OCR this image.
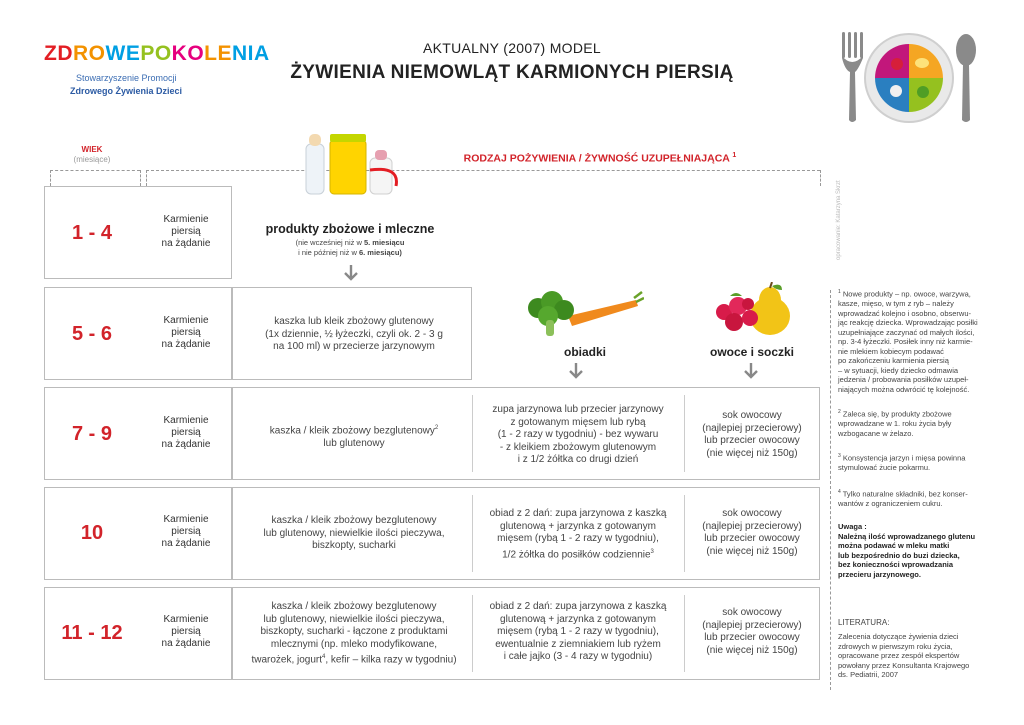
ZDROWEPOKOLENIA
Stowarzyszenie Promocji
Zdrowego Żywienia Dzieci
AKTUALNY (2007) MODEL
ŻYWIENIA NIEMOWLĄT KARMIONYCH PIERSIĄ
WIEK
(miesiące)	RODZAJ POŻYWIENIA / ŻYWNOŚĆ UZUPEŁNIAJĄCA $^1$
1 - 4
Karmienie
piersią
na żądanie
produkty zbożowe i mleczne
(nie wcześniej niż w 5. miesiącu
i nie później niż w 6. miesiącu)
obiadki	owoce i soczki
5 - 6
Karmienie
piersią
na żądanie
kaszka lub kleik zbożowy glutenowy
(1x dziennie, ½ łyżeczki, czyli ok. 2 - 3 g
na 100 ml) w przecierze jarzynowym
7 - 9
Karmienie
piersią
na żądanie
kaszka / kleik zbożowy bezglutenowy$^2$
lub glutenowy
zupa jarzynowa lub przecier jarzynowy
z gotowanym mięsem lub rybą
(1 - 2 razy w tygodniu) - bez wywaru
- z kleikiem zbożowym glutenowym
i z 1/2 żółtka co drugi dzień
sok owocowy
(najlepiej przecierowy)
lub przecier owocowy
(nie więcej niż 150g)
10
Karmienie
piersią
na żądanie
kaszka / kleik zbożowy bezglutenowy
lub glutenowy, niewielkie ilości pieczywa,
biszkopty, sucharki
obiad z 2 dań: zupa jarzynowa z kaszką
glutenową + jarzynka z gotowanym
mięsem (rybą 1 - 2 razy w tygodniu),
1/2 żółtka do posiłków codziennie$^3$
sok owocowy
(najlepiej przecierowy)
lub przecier owocowy
(nie więcej niż 150g)
11 - 12
Karmienie
piersią
na żądanie
kaszka / kleik zbożowy bezglutenowy
lub glutenowy, niewielkie ilości pieczywa,
biszkopty, sucharki - łączone z produktami
mlecznymi (np. mleko modyfikowane,
twarożek, jogurt$^4$, kefir – kilka razy w tygodniu)
obiad z 2 dań: zupa jarzynowa z kaszką
glutenową + jarzynka z gotowanym
mięsem (rybą 1 - 2 razy w tygodniu),
ewentualnie z ziemniakiem lub ryżem
i całe jajko (3 - 4 razy w tygodniu)
sok owocowy
(najlepiej przecierowy)
lub przecier owocowy
(nie więcej niż 150g)
opracowanie: Katarzyna Skrzt
$^1$ Nowe produkty – np. owoce, warzywa,
kasze, mięso, w tym z ryb – należy
wprowadzać kolejno i osobno, obserwu-
jąc reakcję dziecka. Wprowadzając posiłki
uzupełniające zaczynać od małych ilości,
np. 3-4 łyżeczki. Posiłek inny niż karmie-
nie mlekiem kobiecym podawać
po zakończeniu karmienia piersią
– w sytuacji, kiedy dziecko odmawia
jedzenia / probowania posiłków uzupeł-
niających można odwrócić tę kolejność.
$^2$ Zaleca się, by produkty zbożowe
wprowadzane w 1. roku życia były
wzbogacane w żelazo.
$^3$ Konsystencja jarzyn i mięsa powinna
stymulować żucie pokarmu.
$^4$ Tylko naturalne składniki, bez konser-
wantów z ograniczeniem cukru.
Uwaga :
Należną ilość wprowadzanego glutenu
można podawać w mleku matki
lub bezpośrednio do buzi dziecka,
bez konieczności wprowadzania
przecieru jarzynowego.
LITERATURA:
Zalecenia dotyczące żywienia dzieci
zdrowych w pierwszym roku życia,
opracowane przez zespół ekspertów
powołany przez Konsultanta Krajowego
ds. Pediatrii, 2007
